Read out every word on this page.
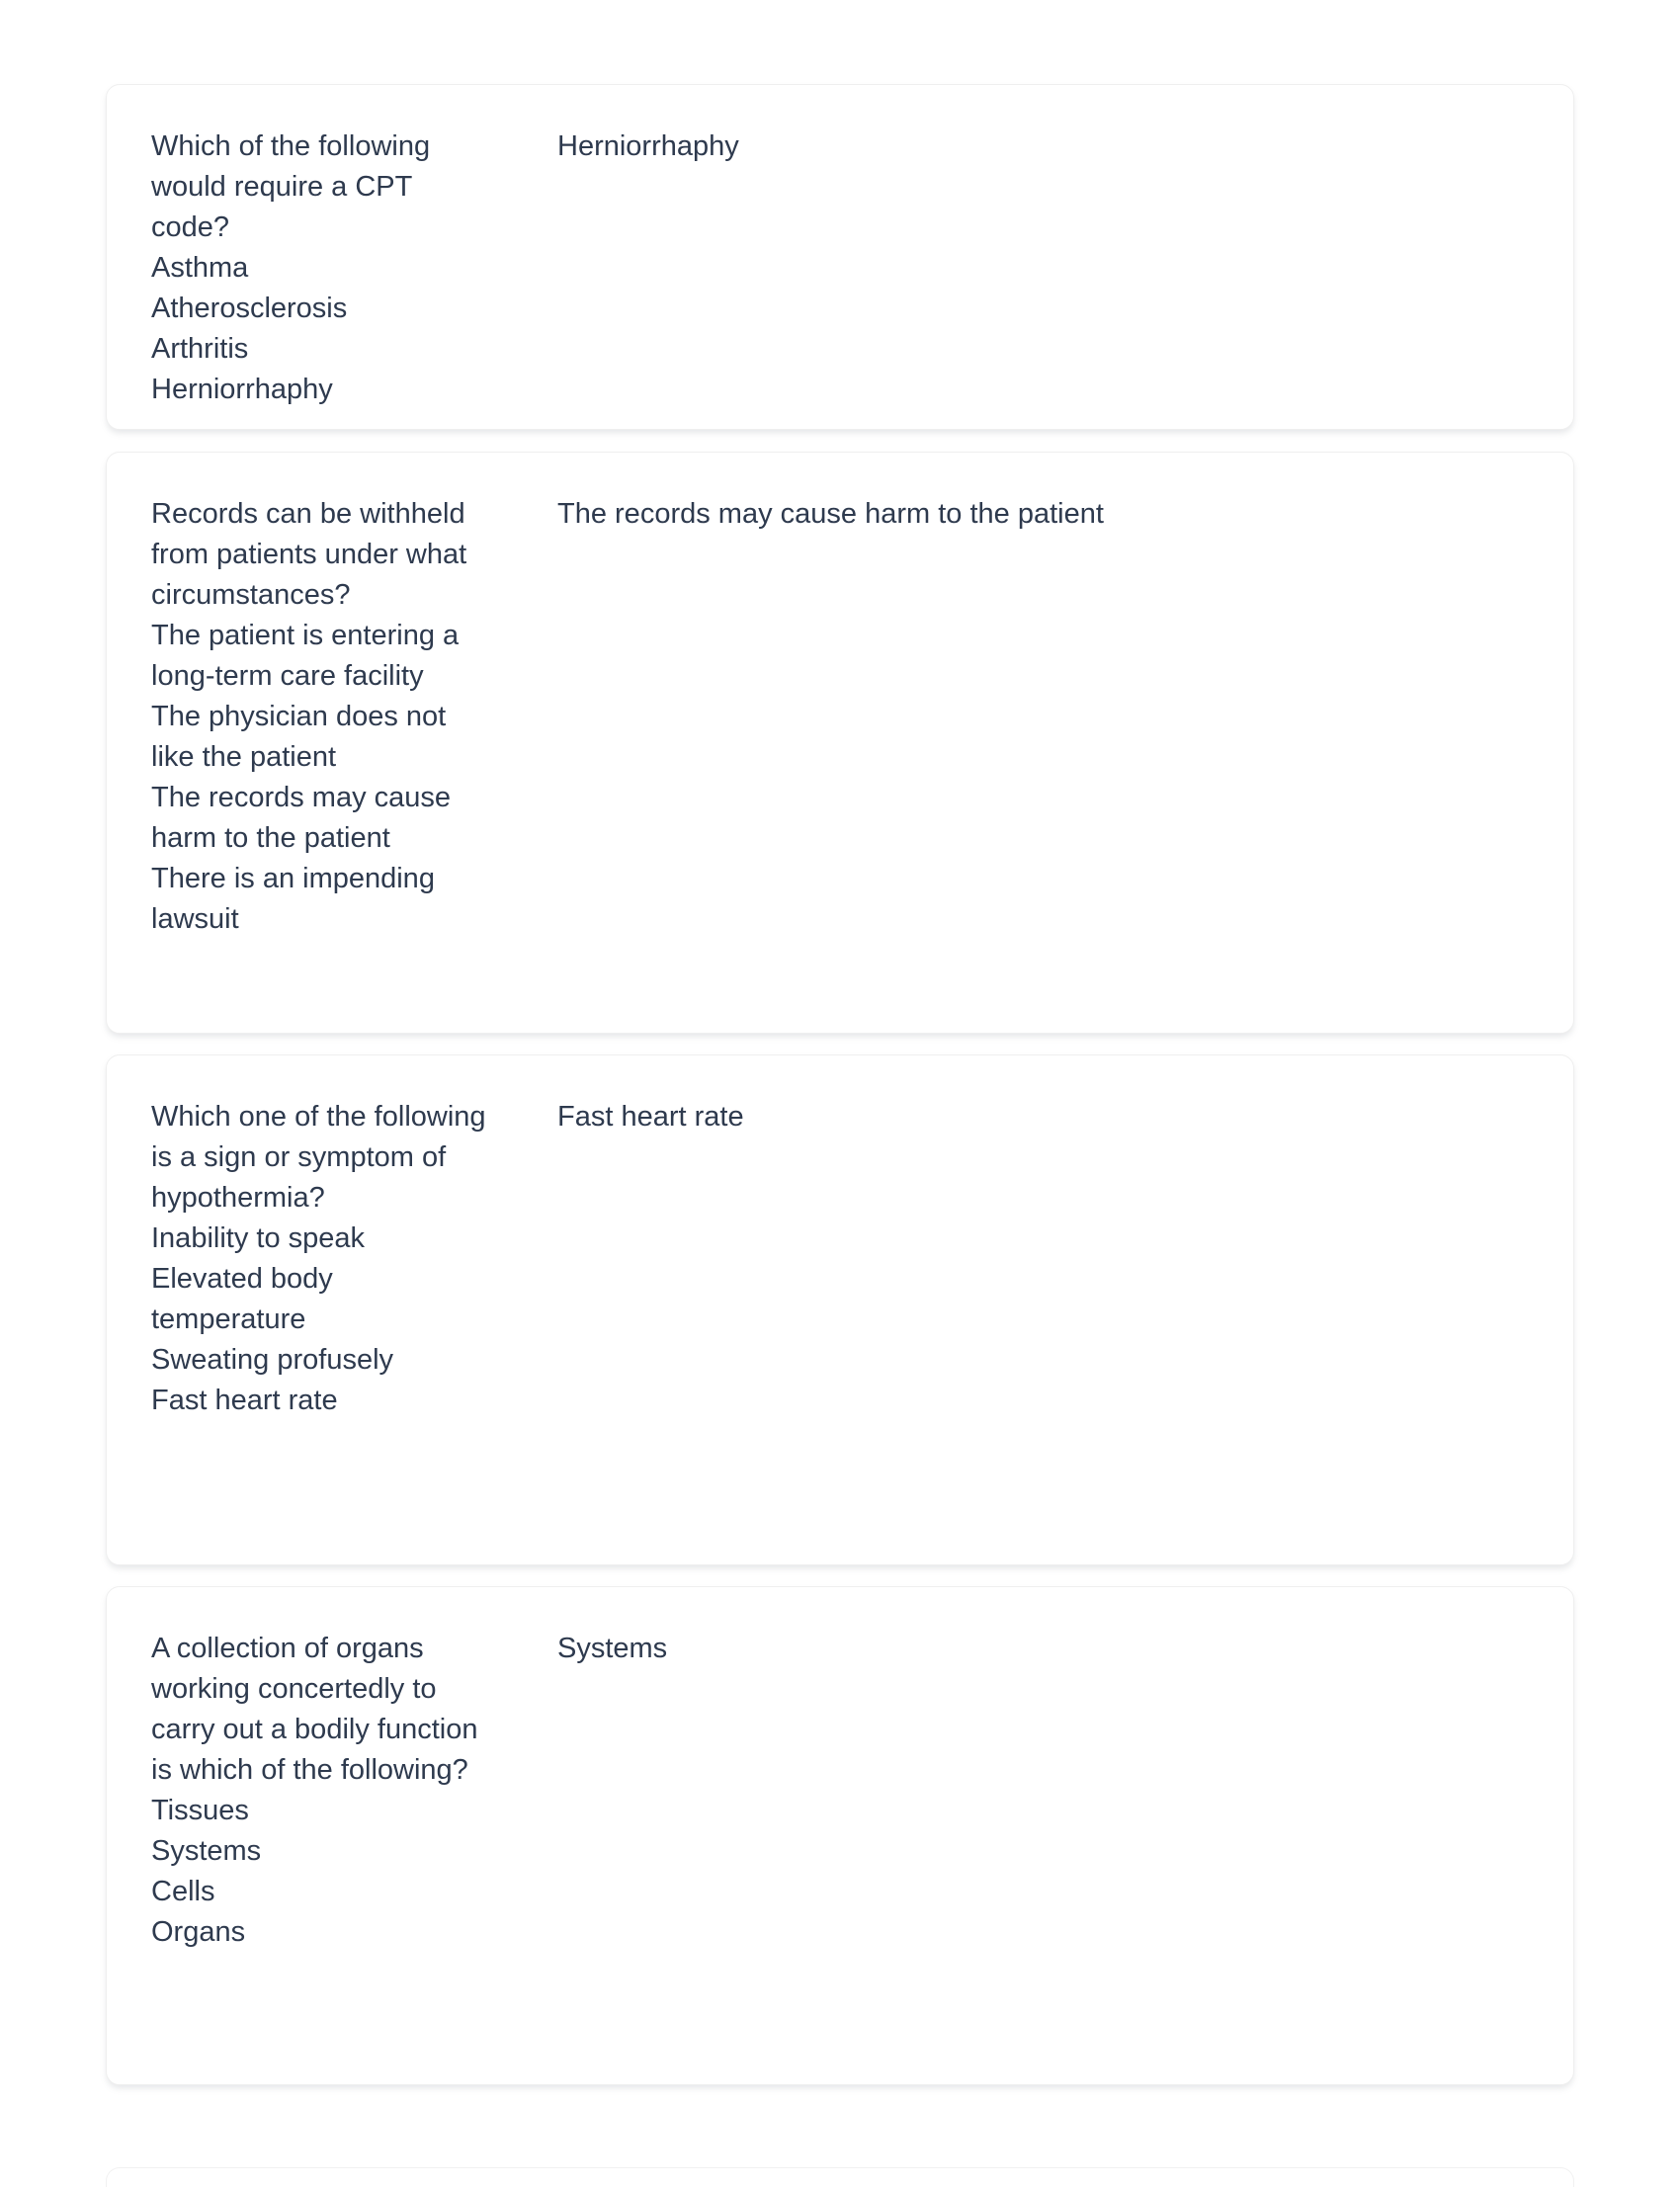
Which of the following would require a CPT code?
Asthma
Atherosclerosis
Arthritis
Herniorrhaphy
Herniorrhaphy
Records can be withheld from patients under what circumstances?
The patient is entering a long-term care facility
The physician does not like the patient
The records may cause harm to the patient
There is an impending lawsuit
The records may cause harm to the patient
Which one of the following is a sign or symptom of hypothermia?
Inability to speak
Elevated body temperature
Sweating profusely
Fast heart rate
Fast heart rate
A collection of organs working concertedly to carry out a bodily function is which of the following?
Tissues
Systems
Cells
Organs
Systems
